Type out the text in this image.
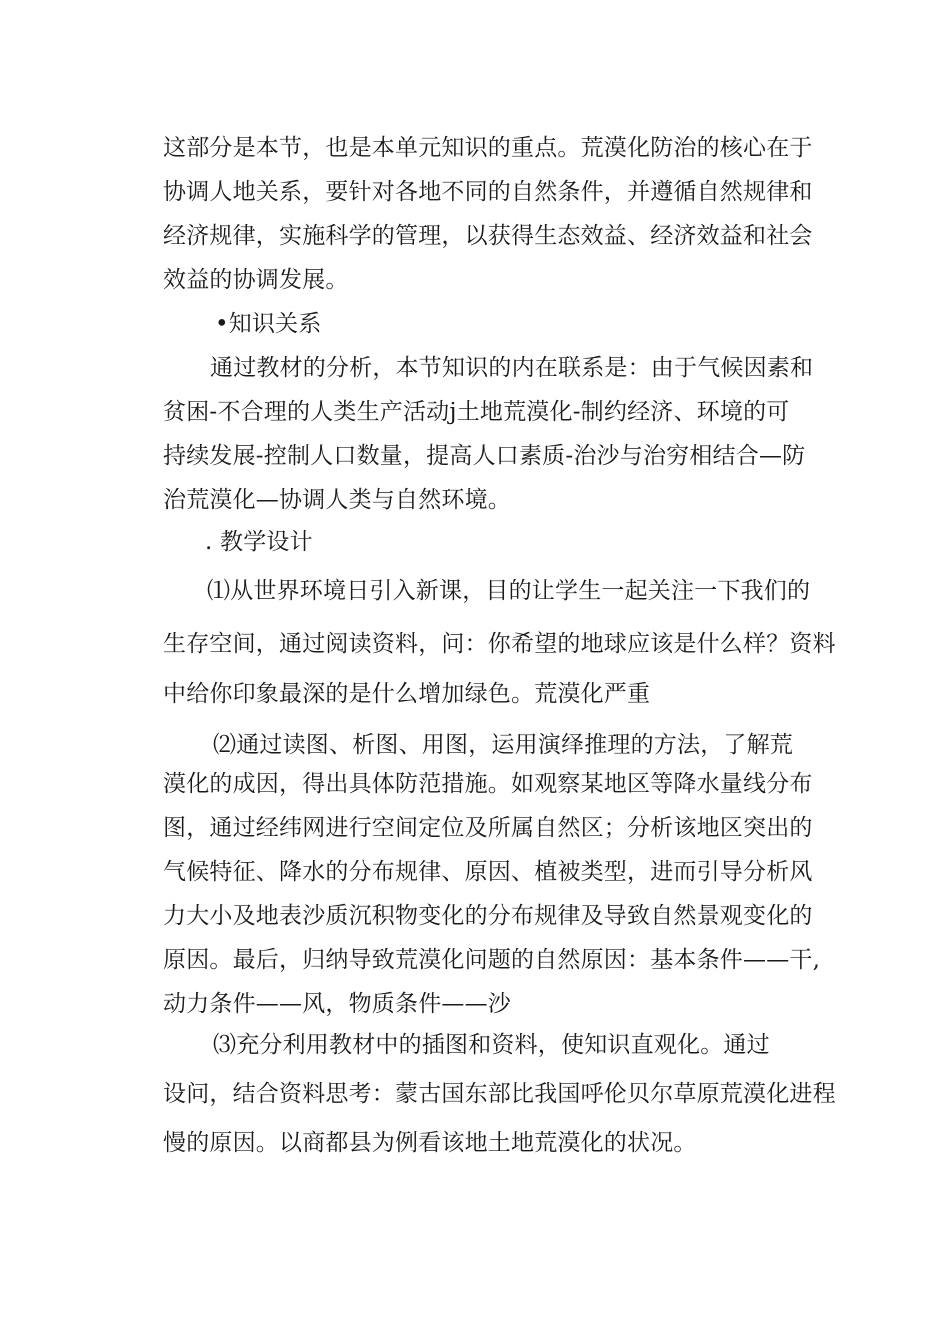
这部分是本节，也是本单元知识的重点。荒漠化防治的核心在于
协调人地关系，要针对各地不同的自然条件，并遵循自然规律和
经济规律，实施科学的管理，以获得生态效益、经济效益和社会
效益的协调发展。
•知识关系
通过教材的分析，本节知识的内在联系是：由于气候因素和
贫困-不合理的人类生产活动j土地荒漠化-制约经济、环境的可
持续发展-控制人口数量，提高人口素质-治沙与治穷相结合—防
治荒漠化—协调人类与自然环境。
. 教学设计
⑴从世界环境日引入新课，目的让学生一起关注一下我们的
生存空间，通过阅读资料，问：你希望的地球应该是什么样？资料
中给你印象最深的是什么增加绿色。荒漠化严重
⑵通过读图、析图、用图，运用演绎推理的方法，了解荒
漠化的成因，得出具体防范措施。如观察某地区等降水量线分布
图，通过经纬网进行空间定位及所属自然区；分析该地区突出的
气候特征、降水的分布规律、原因、植被类型，进而引导分析风
力大小及地表沙质沉积物变化的分布规律及导致自然景观变化的
原因。最后，归纳导致荒漠化问题的自然原因：基本条件——干,
动力条件——风，物质条件——沙
⑶充分利用教材中的插图和资料，使知识直观化。通过
设问，结合资料思考：蒙古国东部比我国呼伦贝尔草原荒漠化进程
慢的原因。以商都县为例看该地土地荒漠化的状况。
